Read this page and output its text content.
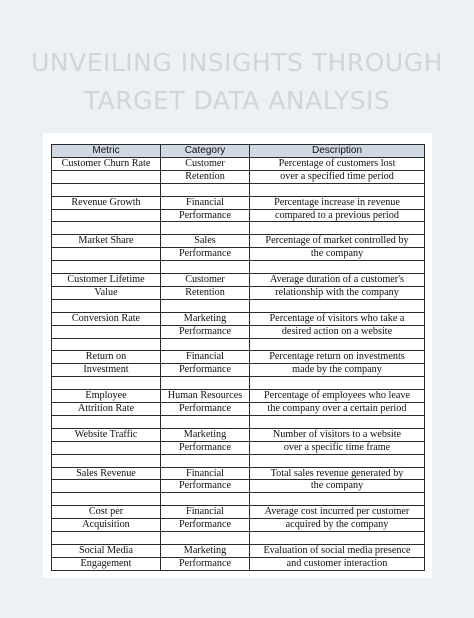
UNVEILING INSIGHTS THROUGH
TARGET DATA ANALYSIS
Metric	Category	Description
Customer Churn Rate	Customer	Percentage of customers lost
	Retention	over a specified time period

Revenue Growth	Financial	Percentage increase in revenue
	Performance	compared to a previous period

Market Share	Sales	Percentage of market controlled by
	Performance	the company

Customer Lifetime	Customer	Average duration of a customer's
Value	Retention	relationship with the company

Conversion Rate	Marketing	Percentage of visitors who take a
	Performance	desired action on a website

Return on	Financial	Percentage return on investments
Investment	Performance	made by the company

Employee	Human Resources	Percentage of employees who leave
Attrition Rate	Performance	the company over a certain period

Website Traffic	Marketing	Number of visitors to a website
	Performance	over a specific time frame

Sales Revenue	Financial	Total sales revenue generated by
	Performance	the company

Cost per	Financial	Average cost incurred per customer
Acquisition	Performance	acquired by the company

Social Media	Marketing	Evaluation of social media presence
Engagement	Performance	and customer interaction
